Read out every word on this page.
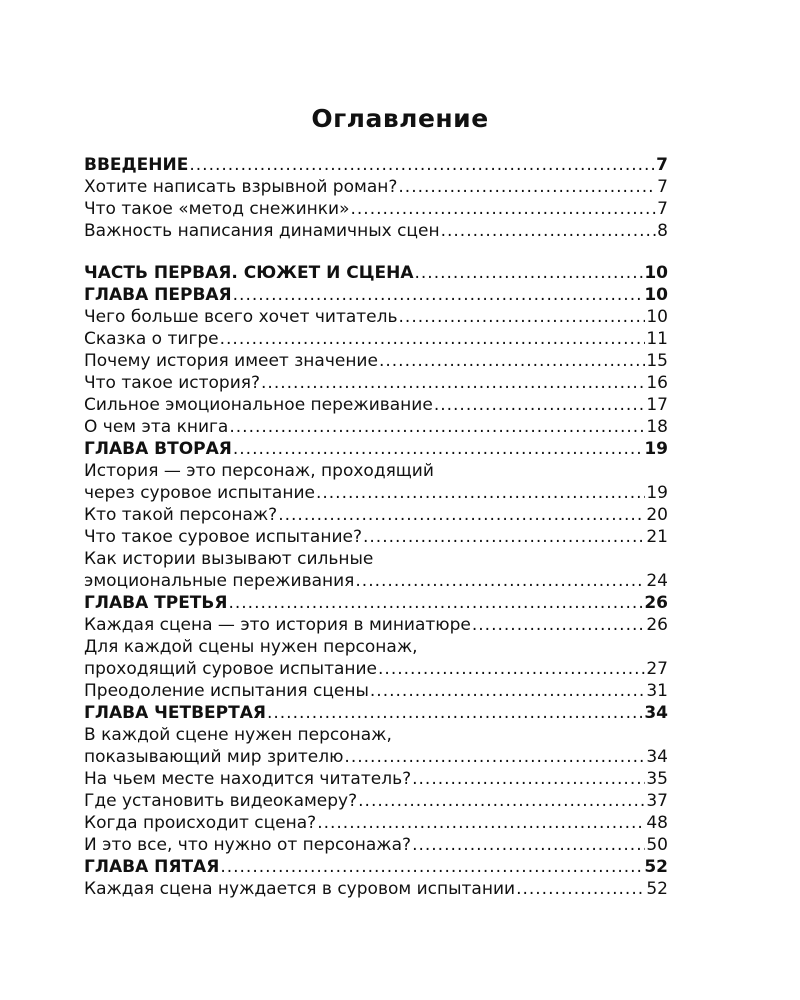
Оглавление
ВВЕДЕНИЕ .....	7
Хотите написать взрывной роман? .....	7
Что такое «метод снежинки» .....	7
Важность написания динамичных сцен .....	8
ЧАСТЬ ПЕРВАЯ. СЮЖЕТ И СЦЕНА .....	10
ГЛАВА ПЕРВАЯ .....	10
Чего больше всего хочет читатель .....	10
Сказка о тигре .....	11
Почему история имеет значение .....	15
Что такое история? .....	16
Сильное эмоциональное переживание .....	17
О чем эта книга .....	18
ГЛАВА ВТОРАЯ .....	19
История — это персонаж, проходящий
через суровое испытание .....	19
Кто такой персонаж? .....	20
Что такое суровое испытание? .....	21
Как истории вызывают сильные
эмоциональные переживания .....	24
ГЛАВА ТРЕТЬЯ .....	26
Каждая сцена — это история в миниатюре .....	26
Для каждой сцены нужен персонаж,
проходящий суровое испытание .....	27
Преодоление испытания сцены .....	31
ГЛАВА ЧЕТВЕРТАЯ .....	34
В каждой сцене нужен персонаж,
показывающий мир зрителю .....	34
На чьем месте находится читатель? .....	35
Где установить видеокамеру? .....	37
Когда происходит сцена? .....	48
И это все, что нужно от персонажа? .....	50
ГЛАВА ПЯТАЯ .....	52
Каждая сцена нуждается в суровом испытании .....	52
